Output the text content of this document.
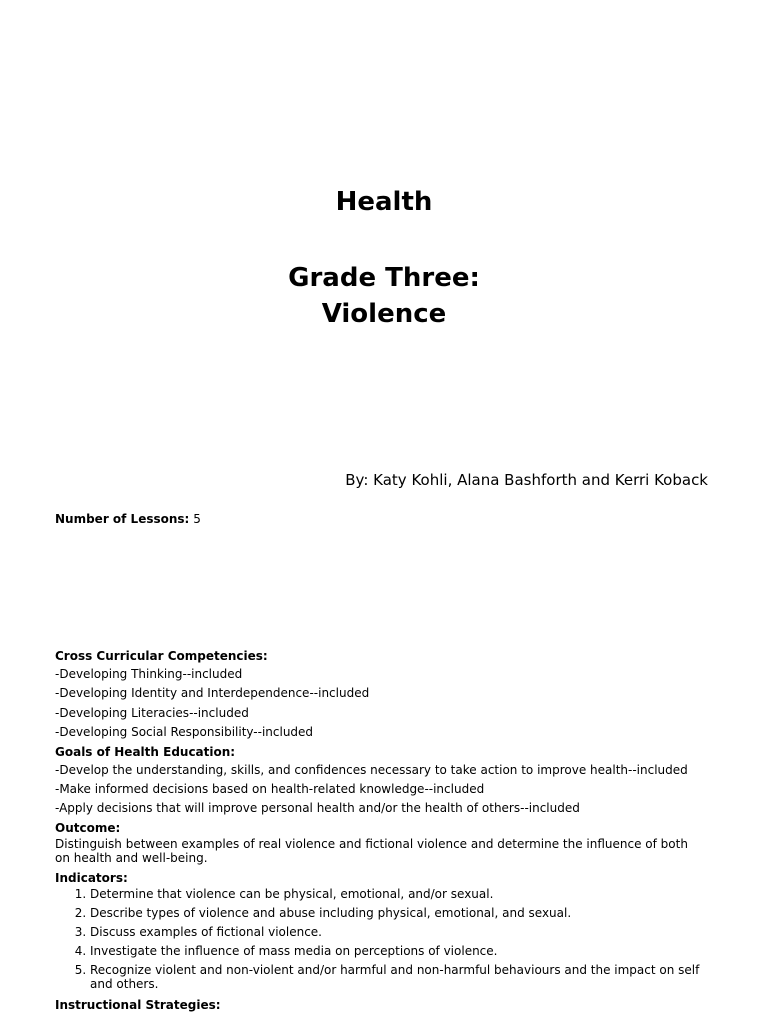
Health
Grade Three:
Violence
By: Katy Kohli, Alana Bashforth and Kerri Koback
Number of Lessons: 5

Cross Curricular Competencies:

-Developing Thinking--included

-Developing Identity and Interdependence--included

-Developing Literacies--included

-Developing Social Responsibility--included

Goals of Health Education:

-Develop the understanding, skills, and confidences necessary to take action to improve health--included

-Make informed decisions based on health-related knowledge--included

-Apply decisions that will improve personal health and/or the health of others--included

Outcome:

Distinguish between examples of real violence and fictional violence and determine the influence of both on health and well-being.

Indicators:

1. Determine that violence can be physical, emotional, and/or sexual.
2. Describe types of violence and abuse including physical, emotional, and sexual.
3. Discuss examples of fictional violence.
4. Investigate the influence of mass media on perceptions of violence.
5. Recognize violent and non-violent and/or harmful and non-harmful behaviours and the impact on self and others.

Instructional Strategies:
